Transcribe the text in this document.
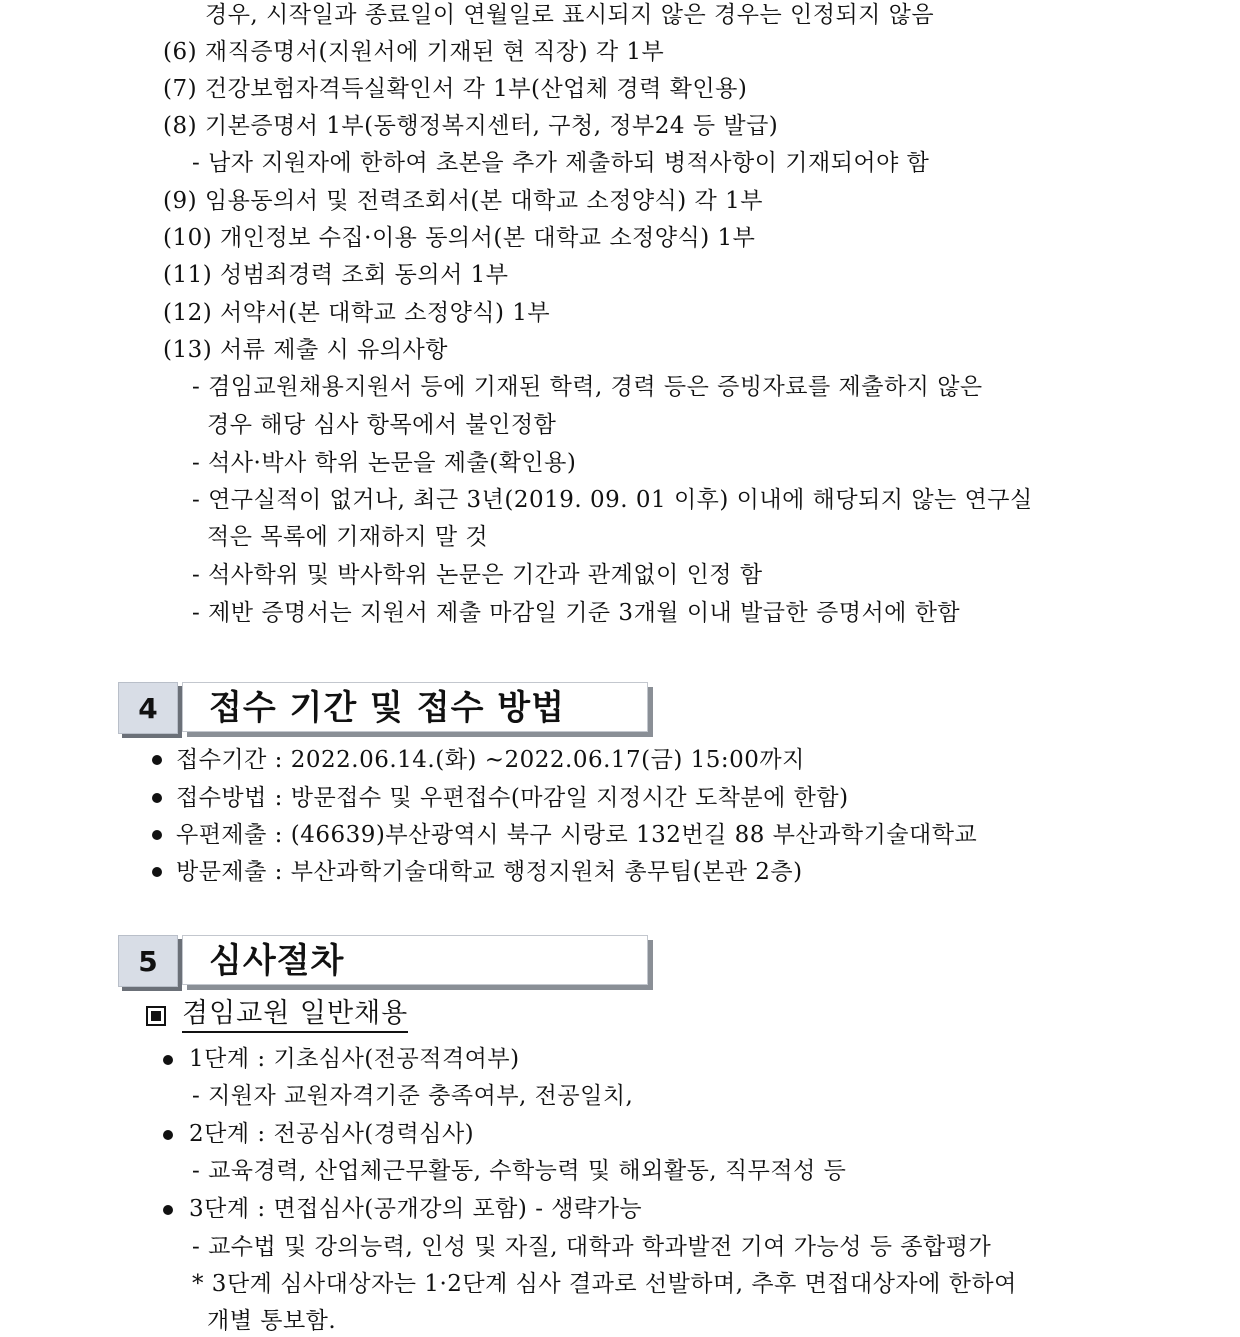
경우, 시작일과 종료일이 연월일로 표시되지 않은 경우는 인정되지 않음
(6) 재직증명서(지원서에 기재된 현 직장) 각 1부
(7) 건강보험자격득실확인서 각 1부(산업체 경력 확인용)
(8) 기본증명서 1부(동행정복지센터, 구청, 정부24 등 발급)
- 남자 지원자에 한하여 초본을 추가 제출하되 병적사항이 기재되어야 함
(9) 임용동의서 및 전력조회서(본 대학교 소정양식) 각 1부
(10) 개인정보 수집·이용 동의서(본 대학교 소정양식) 1부
(11) 성범죄경력 조회 동의서 1부
(12) 서약서(본 대학교 소정양식) 1부
(13) 서류 제출 시 유의사항
- 겸임교원채용지원서 등에 기재된 학력, 경력 등은 증빙자료를 제출하지 않은
경우 해당 심사 항목에서 불인정함
- 석사·박사 학위 논문을 제출(확인용)
- 연구실적이 없거나, 최근 3년(2019. 09. 01 이후) 이내에 해당되지 않는 연구실
적은 목록에 기재하지 말 것
- 석사학위 및 박사학위 논문은 기간과 관계없이 인정 함
- 제반 증명서는 지원서 제출 마감일 기준 3개월 이내 발급한 증명서에 한함
4	접수 기간 및 접수 방법
접수기간 : 2022.06.14.(화) ~2022.06.17(금) 15:00까지
접수방법 : 방문접수 및 우편접수(마감일 지정시간 도착분에 한함)
우편제출 : (46639)부산광역시 북구 시랑로 132번길 88 부산과학기술대학교
방문제출 : 부산과학기술대학교 행정지원처 총무팀(본관 2층)
5	심사절차
겸임교원 일반채용
1단계 : 기초심사(전공적격여부)
- 지원자 교원자격기준 충족여부, 전공일치,
2단계 : 전공심사(경력심사)
- 교육경력, 산업체근무활동, 수학능력 및 해외활동, 직무적성 등
3단계 : 면접심사(공개강의 포함) - 생략가능
- 교수법 및 강의능력, 인성 및 자질, 대학과 학과발전 기여 가능성 등 종합평가
* 3단계 심사대상자는 1·2단계 심사 결과로 선발하며, 추후 면접대상자에 한하여
개별 통보함.
